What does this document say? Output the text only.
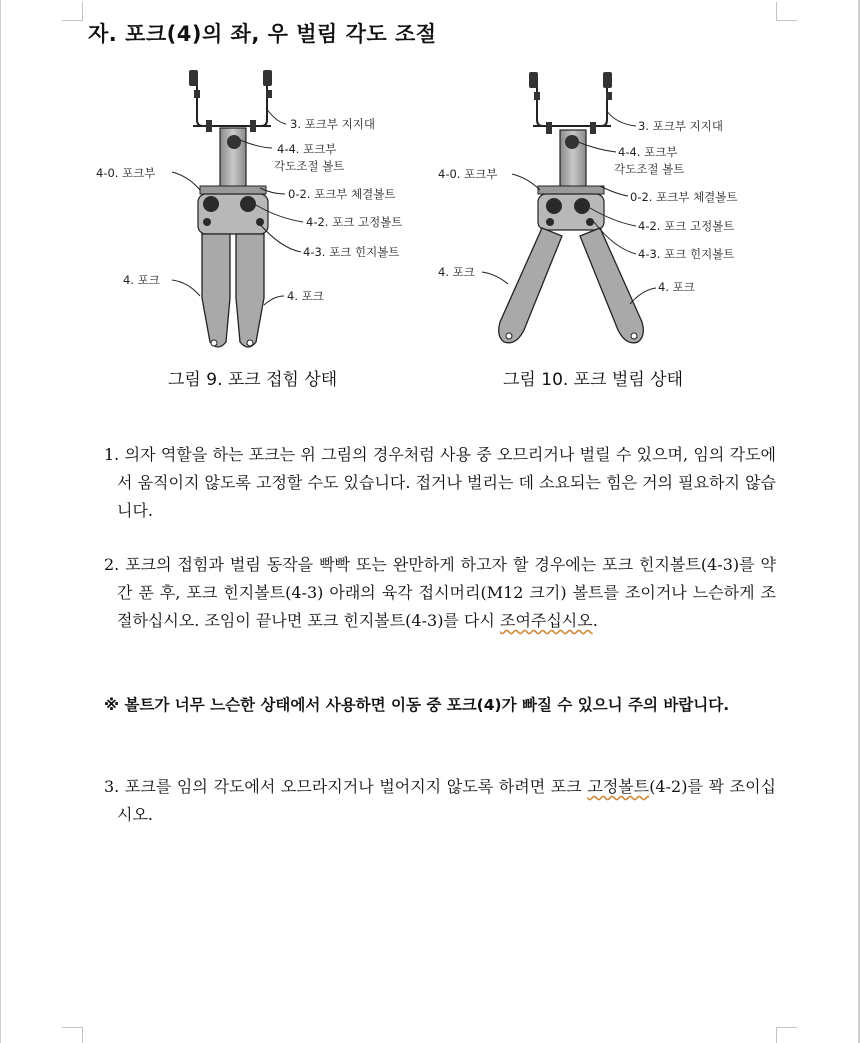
자. 포크(4)의 좌, 우 벌림 각도 조절
3. 포크부 지지대
4-4. 포크부
각도조절 볼트
4-0. 포크부
0-2. 포크부 체결볼트
4-2. 포크 고정볼트
4-3. 포크 힌지볼트
4. 포크
4. 포크
3. 포크부 지지대
4-4. 포크부
각도조절 볼트
4-0. 포크부
0-2. 포크부 체결볼트
4-2. 포크 고정볼트
4-3. 포크 힌지볼트
4. 포크
4. 포크
그림 9. 포크 접힘 상태	그림 10. 포크 벌림 상태

1. 의자 역할을 하는 포크는 위 그림의 경우처럼 사용 중 오므리거나 벌릴 수 있으며, 임의 각도에서 움직이지 않도록 고정할 수도 있습니다. 접거나 벌리는 데 소요되는 힘은 거의 필요하지 않습니다.

2. 포크의 접힘과 벌림 동작을 빡빡 또는 완만하게 하고자 할 경우에는 포크 힌지볼트(4-3)를 약간 푼 후, 포크 힌지볼트(4-3) 아래의 육각 접시머리(M12 크기) 볼트를 조이거나 느슨하게 조절하십시오. 조임이 끝나면 포크 힌지볼트(4-3)를 다시 조여주십시오.

※ 볼트가 너무 느슨한 상태에서 사용하면 이동 중 포크(4)가 빠질 수 있으니 주의 바랍니다.

3. 포크를 임의 각도에서 오므라지거나 벌어지지 않도록 하려면 포크 고정볼트(4-2)를 꽉 조이십시오.
